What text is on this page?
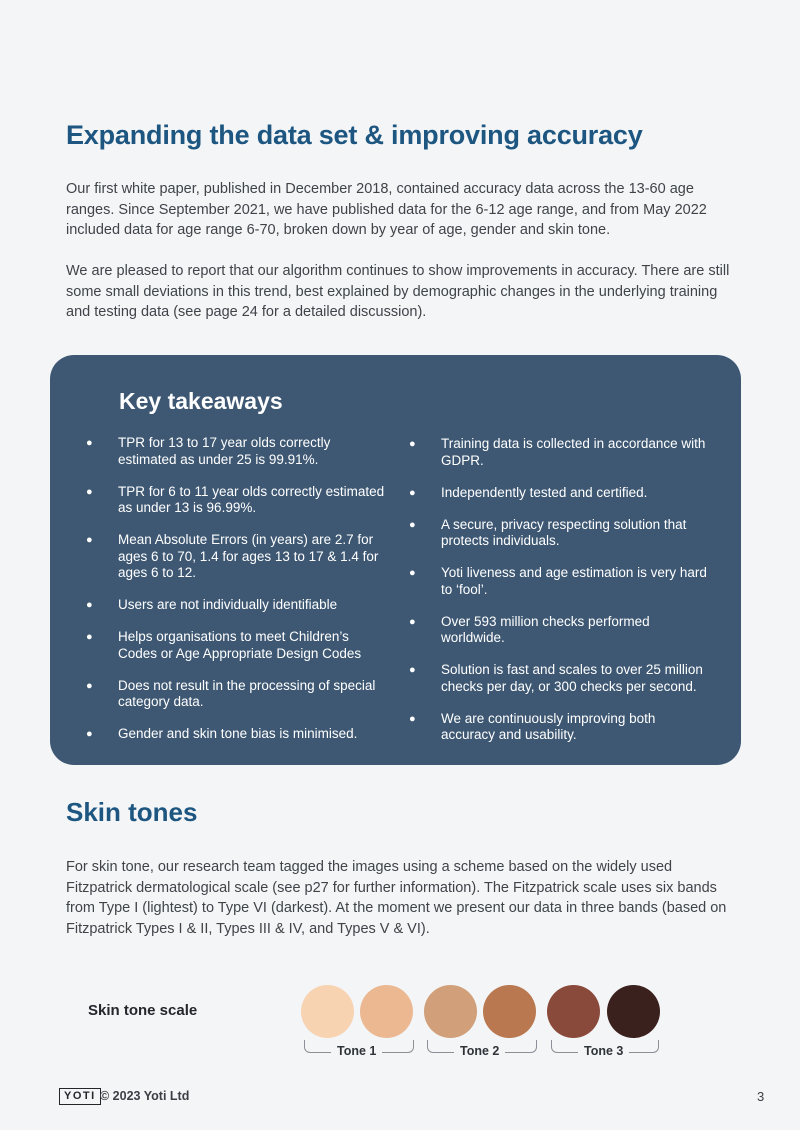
Expanding the data set & improving accuracy

Our first white paper, published in December 2018, contained accuracy data across the 13-60 age ranges. Since September 2021, we have published data for the 6-12 age range, and from May 2022 included data for age range 6-70, broken down by year of age, gender and skin tone.

We are pleased to report that our algorithm continues to show improvements in accuracy. There are still some small deviations in this trend, best explained by demographic changes in the underlying training and testing data (see page 24 for a detailed discussion).

Key takeaways
● TPR for 13 to 17 year olds correctly estimated as under 25 is 99.91%.
● TPR for 6 to 11 year olds correctly estimated as under 13 is 96.99%.
● Mean Absolute Errors (in years) are 2.7 for ages 6 to 70, 1.4 for ages 13 to 17 & 1.4 for ages 6 to 12.
● Users are not individually identifiable
● Helps organisations to meet Children’s Codes or Age Appropriate Design Codes
● Does not result in the processing of special category data.
● Gender and skin tone bias is minimised.
● Training data is collected in accordance with GDPR.
● Independently tested and certified.
● A secure, privacy respecting solution that protects individuals.
● Yoti liveness and age estimation is very hard to ‘fool’.
● Over 593 million checks performed worldwide.
● Solution is fast and scales to over 25 million checks per day, or 300 checks per second.
● We are continuously improving both accuracy and usability.
Skin tones

For skin tone, our research team tagged the images using a scheme based on the widely used Fitzpatrick dermatological scale (see p27 for further information). The Fitzpatrick scale uses six bands from Type I (lightest) to Type VI (darkest). At the moment we present our data in three bands (based on Fitzpatrick Types I & II, Types III & IV, and Types V & VI).

Skin tone scale
Tone 1	Tone 2	Tone 3
YOTI © 2023 Yoti Ltd	3
